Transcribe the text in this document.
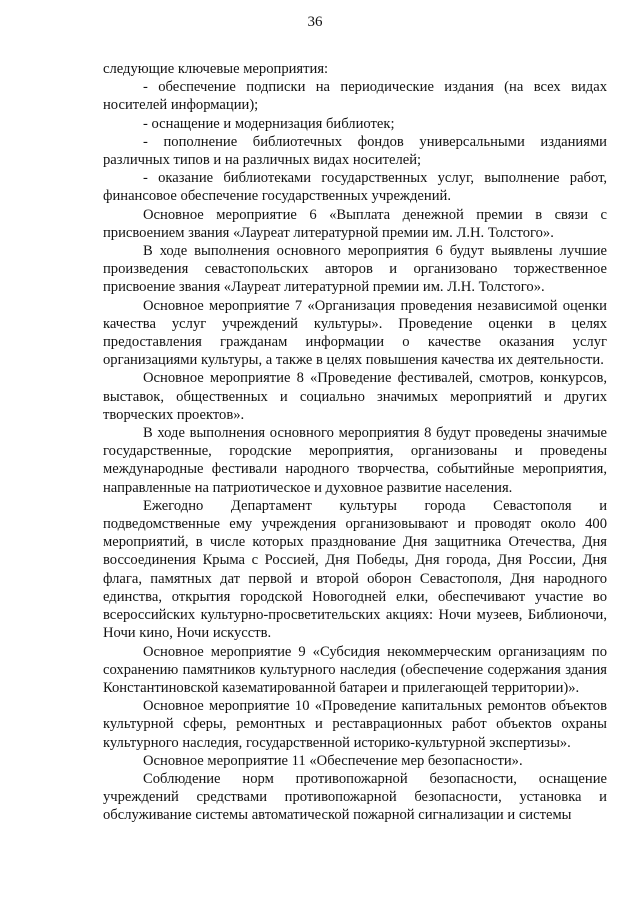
36

следующие ключевые мероприятия:

- обеспечение подписки на периодические издания (на всех видах носителей информации);

- оснащение и модернизация библиотек;

- пополнение библиотечных фондов универсальными изданиями различных типов и на различных видах носителей;

- оказание библиотеками государственных услуг, выполнение работ, финансовое обеспечение государственных учреждений.

Основное мероприятие 6 «Выплата денежной премии в связи с присвоением звания «Лауреат литературной премии им. Л.Н. Толстого».

В ходе выполнения основного мероприятия 6 будут выявлены лучшие произведения севастопольских авторов и организовано торжественное присвоение звания «Лауреат литературной премии им. Л.Н. Толстого».

Основное мероприятие 7 «Организация проведения независимой оценки качества услуг учреждений культуры». Проведение оценки в целях предоставления гражданам информации о качестве оказания услуг организациями культуры, а также в целях повышения качества их деятельности.

Основное мероприятие 8 «Проведение фестивалей, смотров, конкурсов, выставок, общественных и социально значимых мероприятий и других творческих проектов».

В ходе выполнения основного мероприятия 8 будут проведены значимые государственные, городские мероприятия, организованы и проведены международные фестивали народного творчества, событийные мероприятия, направленные на патриотическое и духовное развитие населения.

Ежегодно Департамент культуры города Севастополя и подведомственные ему учреждения организовывают и проводят около 400 мероприятий, в числе которых празднование Дня защитника Отечества, Дня воссоединения Крыма с Россией, Дня Победы, Дня города, Дня России, Дня флага, памятных дат первой и второй оборон Севастополя, Дня народного единства, открытия городской Новогодней елки, обеспечивают участие во всероссийских культурно-просветительских акциях: Ночи музеев, Библионочи, Ночи кино, Ночи искусств.

Основное мероприятие 9 «Субсидия некоммерческим организациям по сохранению памятников культурного наследия (обеспечение содержания здания Константиновской казематированной батареи и прилегающей территории)».

Основное мероприятие 10 «Проведение капитальных ремонтов объектов культурной сферы, ремонтных и реставрационных работ объектов охраны культурного наследия, государственной историко-культурной экспертизы».

Основное мероприятие 11 «Обеспечение мер безопасности».

Соблюдение норм противопожарной безопасности, оснащение учреждений средствами противопожарной безопасности, установка и обслуживание системы автоматической пожарной сигнализации и системы
